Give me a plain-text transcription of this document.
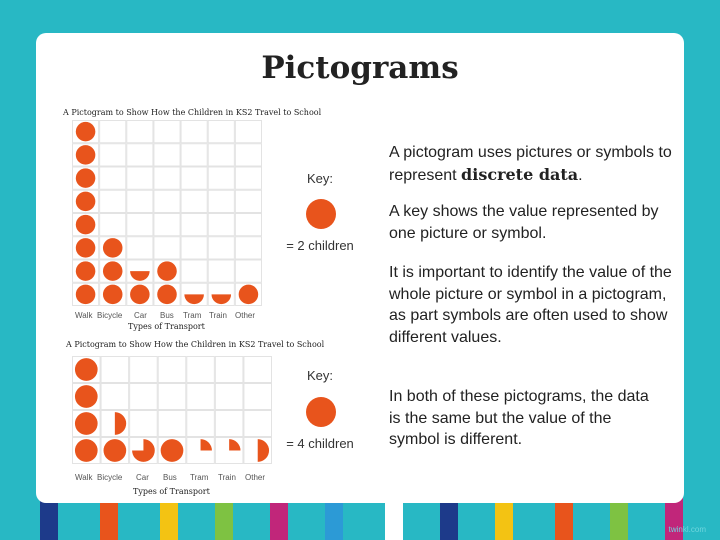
Pictograms
A Pictogram to Show How the Children in KS2 Travel to School
Walk Bicycle Car Bus Tram Train Other
Types of Transport
Key:
= 2 children
A Pictogram to Show How the Children in KS2 Travel to School
Walk Bicycle Car Bus Tram Train Other
Types of Transport
Key:
= 4 children

A pictogram uses pictures or symbols to represent discrete data.

A key shows the value represented by one picture or symbol.

It is important to identify the value of the whole picture or symbol in a pictogram, as part symbols are often used to show different values.

In both of these pictograms, the data is the same but the value of the symbol is different.

twinkl.com
